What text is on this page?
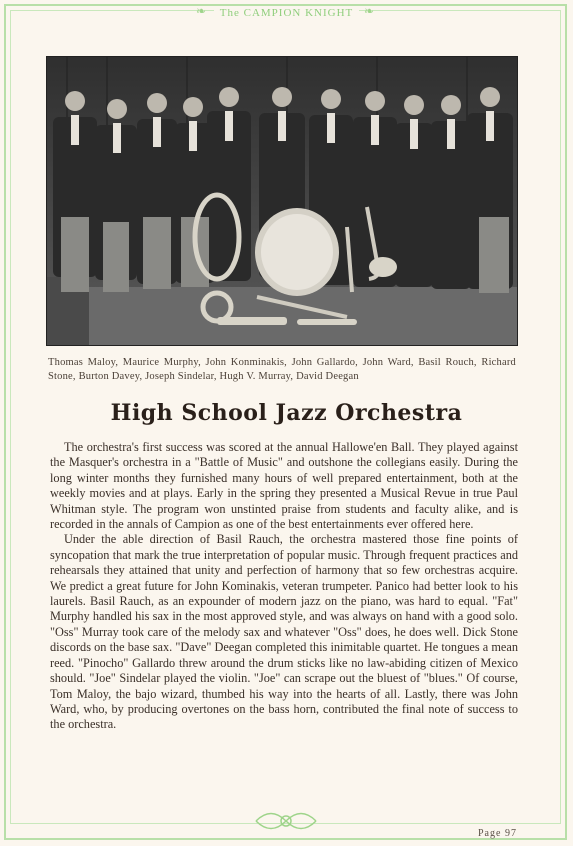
❧	The CAMPION KNIGHT ❧
Thomas Maloy, Maurice Murphy, John Konminakis, John Gallardo, John Ward, Basil Rouch, Richard Stone, Burton Davey, Joseph Sindelar, Hugh V. Murray, David Deegan
High School Jazz Orchestra

The orchestra's first success was scored at the annual Hallowe'en Ball. They played against the Masquer's orchestra in a "Battle of Music" and outshone the collegians easily. During the long winter months they furnished many hours of well prepared entertainment, both at the weekly movies and at plays. Early in the spring they presented a Musical Revue in true Paul Whitman style. The program won unstinted praise from students and faculty alike, and is recorded in the annals of Campion as one of the best entertainments ever offered here.

Under the able direction of Basil Rauch, the orchestra mastered those fine points of syncopation that mark the true interpretation of popular music. Through frequent practices and rehearsals they attained that unity and perfection of harmony that so few orchestras acquire. We predict a great future for John Kominakis, veteran trumpeter. Panico had better look to his laurels. Basil Rauch, as an expounder of modern jazz on the piano, was hard to equal. "Fat" Murphy handled his sax in the most approved style, and was always on hand with a good solo. "Oss" Murray took care of the melody sax and whatever "Oss" does, he does well. Dick Stone discords on the base sax. "Dave" Deegan completed this inimitable quartet. He tongues a mean reed. "Pinocho" Gallardo threw around the drum sticks like no law-abiding citizen of Mexico should. "Joe" Sindelar played the violin. "Joe" can scrape out the bluest of "blues." Of course, Tom Maloy, the bajo wizard, thumbed his way into the hearts of all. Lastly, there was John Ward, who, by producing overtones on the bass horn, contributed the final note of success to the orchestra.

Page 97
